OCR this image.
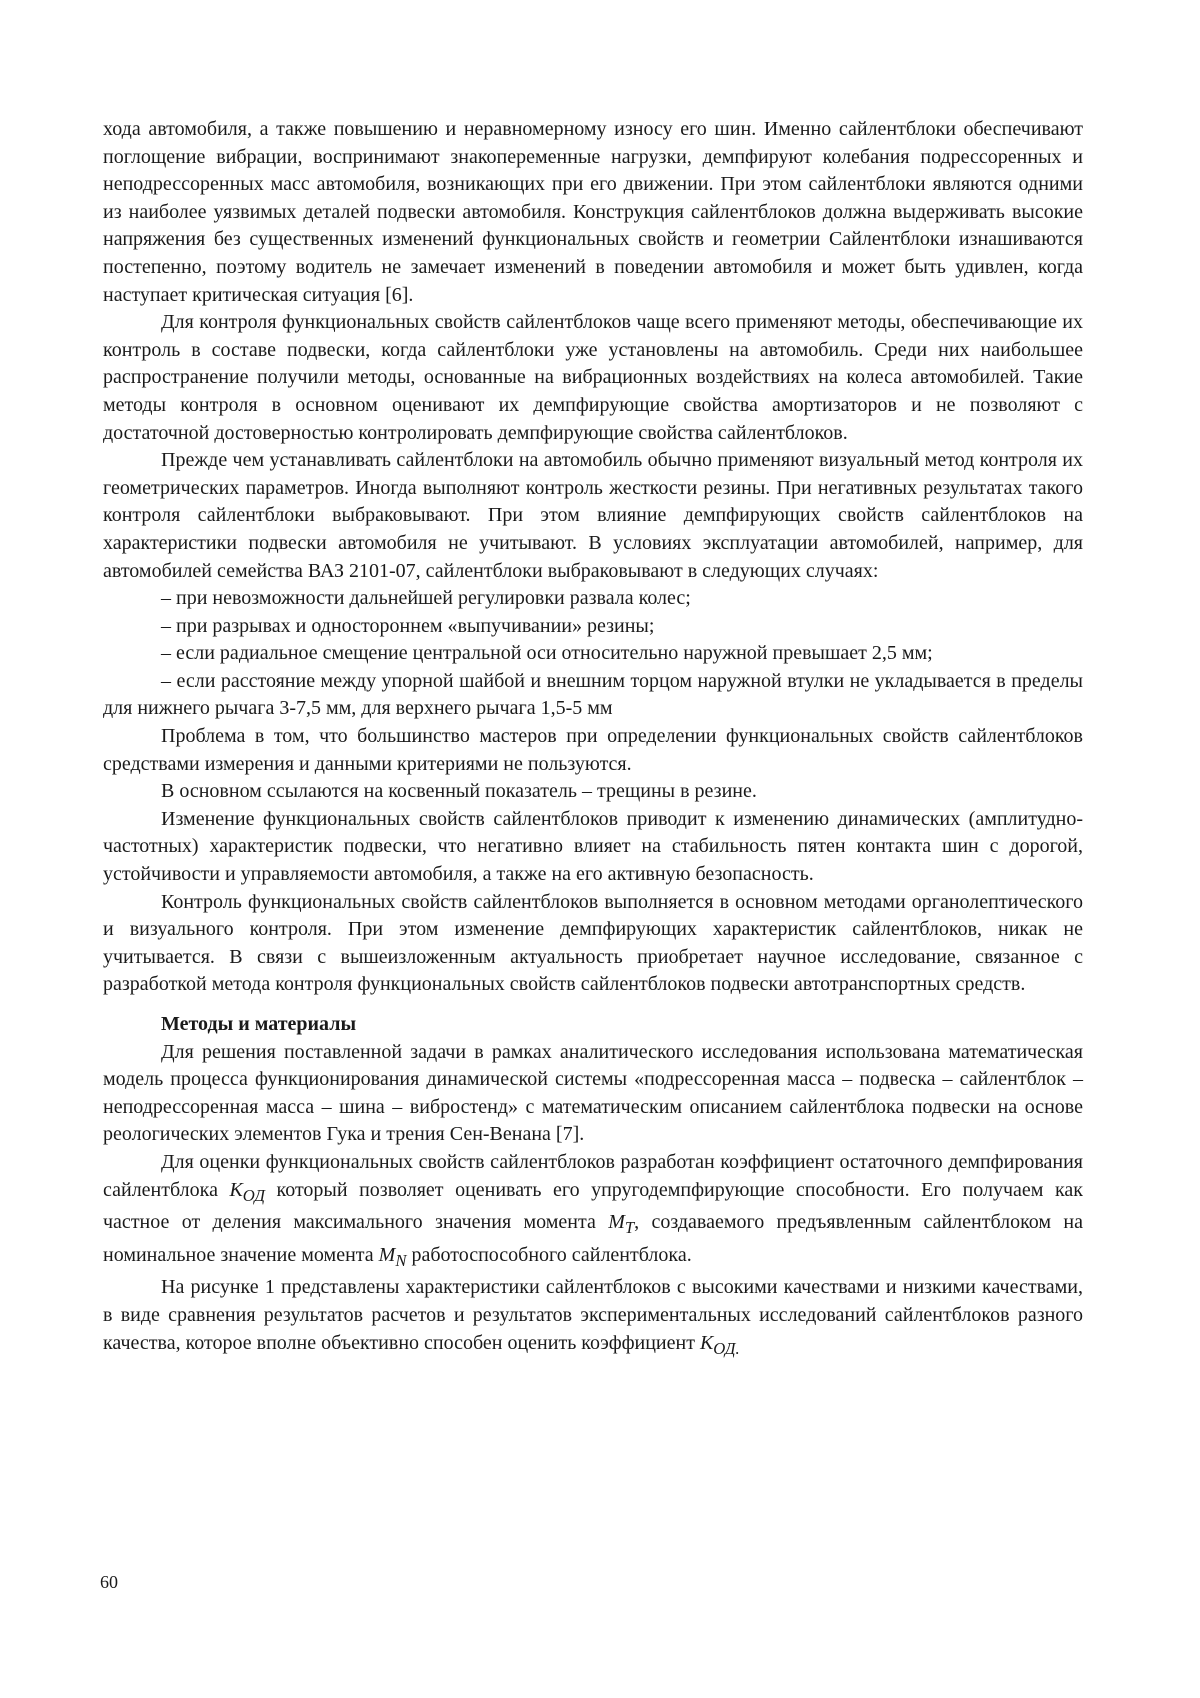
хода автомобиля, а также повышению и неравномерному износу его шин. Именно сайлентблоки обеспечивают поглощение вибрации, воспринимают знакопеременные нагрузки, демпфируют колебания подрессоренных и неподрессоренных масс автомобиля, возникающих при его движении. При этом сайлентблоки являются одними из наиболее уязвимых деталей подвески автомобиля. Конструкция сайлентблоков должна выдерживать высокие напряжения без существенных изменений функциональных свойств и геометрии Сайлентблоки изнашиваются постепенно, поэтому водитель не замечает изменений в поведении автомобиля и может быть удивлен, когда наступает критическая ситуация [6].

Для контроля функциональных свойств сайлентблоков чаще всего применяют методы, обеспечивающие их контроль в составе подвески, когда сайлентблоки уже установлены на автомобиль. Среди них наибольшее распространение получили методы, основанные на вибрационных воздействиях на колеса автомобилей. Такие методы контроля в основном оценивают их демпфирующие свойства амортизаторов и не позволяют с достаточной достоверностью контролировать демпфирующие свойства сайлентблоков.

Прежде чем устанавливать сайлентблоки на автомобиль обычно применяют визуальный метод контроля их геометрических параметров. Иногда выполняют контроль жесткости резины. При негативных результатах такого контроля сайлентблоки выбраковывают. При этом влияние демпфирующих свойств сайлентблоков на характеристики подвески автомобиля не учитывают. В условиях эксплуатации автомобилей, например, для автомобилей семейства ВАЗ 2101-07, сайлентблоки выбраковывают в следующих случаях:

– при невозможности дальнейшей регулировки развала колес;

– при разрывах и одностороннем «выпучивании» резины;

– если радиальное смещение центральной оси относительно наружной превышает 2,5 мм;

– если расстояние между упорной шайбой и внешним торцом наружной втулки не укладывается в пределы для нижнего рычага 3-7,5 мм, для верхнего рычага 1,5-5 мм

Проблема в том, что большинство мастеров при определении функциональных свойств сайлентблоков средствами измерения и данными критериями не пользуются.

В основном ссылаются на косвенный показатель – трещины в резине.

Изменение функциональных свойств сайлентблоков приводит к изменению динамических (амплитудно-частотных) характеристик подвески, что негативно влияет на стабильность пятен контакта шин с дорогой, устойчивости и управляемости автомобиля, а также на его активную безопасность.

Контроль функциональных свойств сайлентблоков выполняется в основном методами органолептического и визуального контроля. При этом изменение демпфирующих характеристик сайлентблоков, никак не учитывается. В связи с вышеизложенным актуальность приобретает научное исследование, связанное с разработкой метода контроля функциональных свойств сайлентблоков подвески автотранспортных средств.

Методы и материалы

Для решения поставленной задачи в рамках аналитического исследования использована математическая модель процесса функционирования динамической системы «подрессоренная масса – подвеска – сайлентблок – неподрессоренная масса – шина – вибростенд» с математическим описанием сайлентблока подвески на основе реологических элементов Гука и трения Сен-Венана [7].

Для оценки функциональных свойств сайлентблоков разработан коэффициент остаточного демпфирования сайлентблока $К_{ОД}$ который позволяет оценивать его упругодемпфирующие способности. Его получаем как частное от деления максимального значения момента $М_Т$, создаваемого предъявленным сайлентблоком на номинальное значение момента $М_N$ работоспособного сайлентблока.

На рисунке 1 представлены характеристики сайлентблоков с высокими качествами и низкими качествами, в виде сравнения результатов расчетов и результатов экспериментальных исследований сайлентблоков разного качества, которое вполне объективно способен оценить коэффициент $К_{ОД.}$

60
